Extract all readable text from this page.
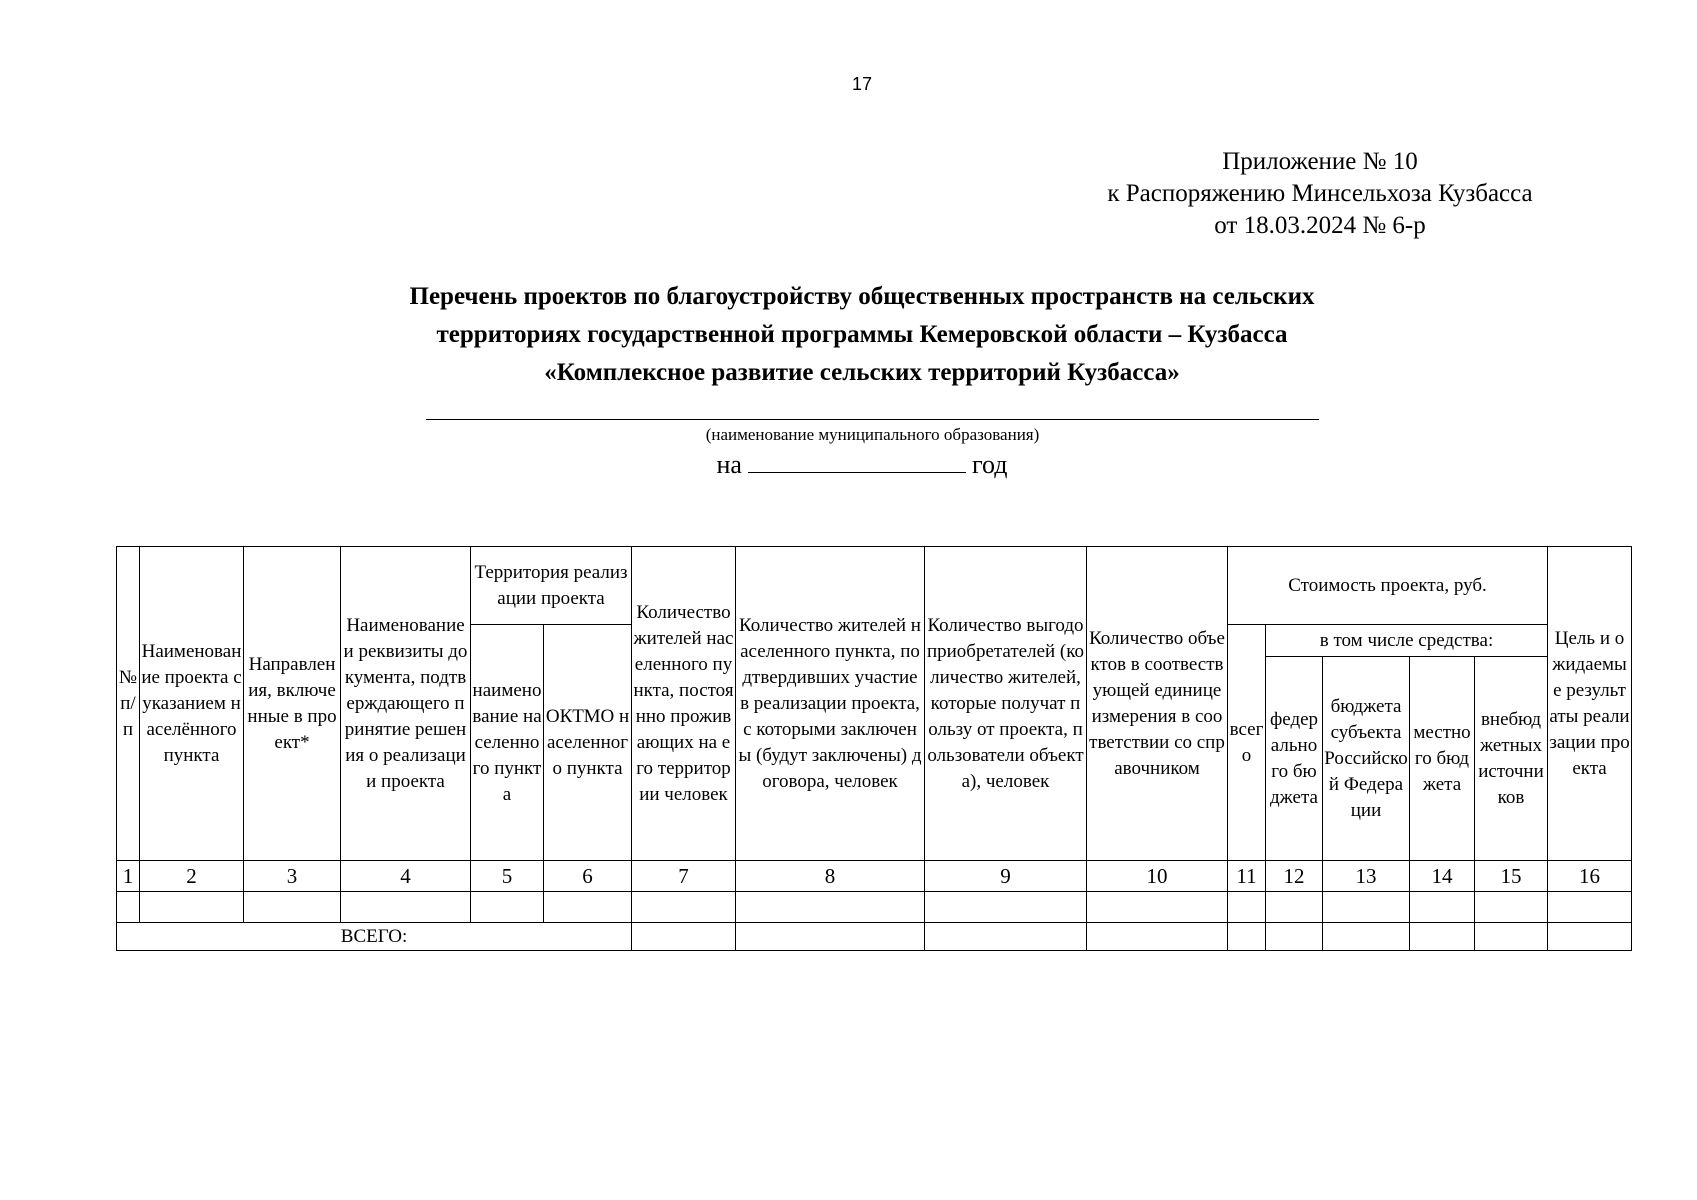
17
Приложение № 10
к Распоряжению Минсельхоза Кузбасса
от 18.03.2024 № 6-р
Перечень проектов по благоустройству общественных пространств на сельских
территориях государственной программы Кемеровской области – Кузбасса
«Комплексное развитие сельских территорий Кузбасса»
(наименование муниципального образования)
на	год
№ п/п	Наименование проекта с указанием населённого пункта	Направления, включенные в проект*	Наименование и реквизиты документа, подтверждающего принятие решения о реализации проекта	Территория реализации проекта		Количество жителей населенного пункта, постоянно проживающих на его территории человек	Количество жителей населенного пункта, подтвердивших участие в реализации проекта,с которыми заключены (будут заключены) договора, человек	Количество выгодоприобретателей (количество жителей, которые получат пользу от проекта, пользователи объекта), человек	Количество объектов в соотвествующей единице измерения в соответствии со справочником	Стоимость проекта, руб.					Цель и ожидаемые результаты реализации проекта
				наименование населенного пункта	ОКТМО населенного пункта					всего	в том числе средства:				
											федерального бюджета	бюджета субъекта Российской Федерации	местного бюджета	внебюджетных источников	
1	2	3	4	5	6	7	8	9	10	11	12	13	14	15	16

ВСЕГО:															
